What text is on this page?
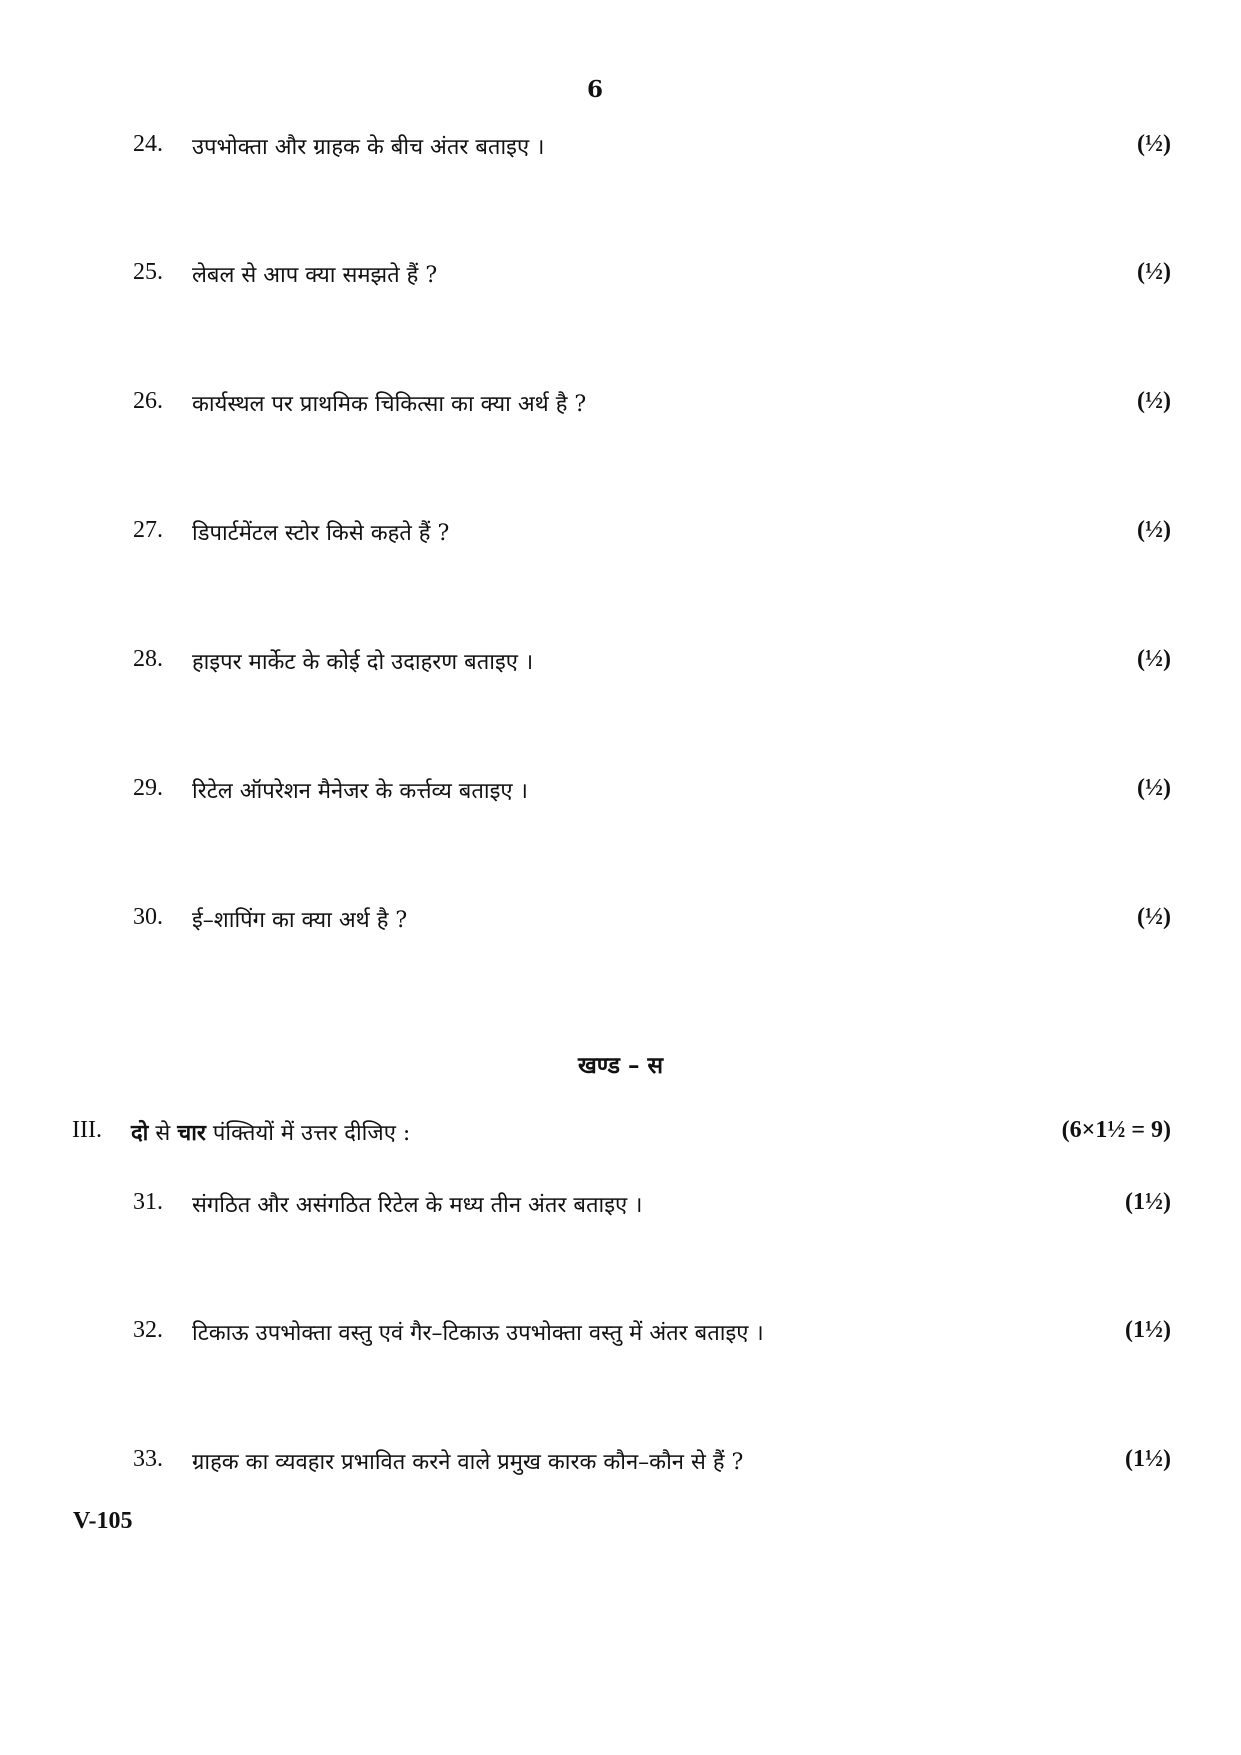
6
24. उपभोक्ता और ग्राहक के बीच अंतर बताइए ।	(½)
25. लेबल से आप क्या समझते हैं ?	(½)
26. कार्यस्थल पर प्राथमिक चिकित्सा का क्या अर्थ है ?	(½)
27. डिपार्टमेंटल स्टोर किसे कहते हैं ?	(½)
28. हाइपर मार्केट के कोई दो उदाहरण बताइए ।	(½)
29. रिटेल ऑपरेशन मैनेजर के कर्त्तव्य बताइए ।	(½)
30. ई–शापिंग का क्या अर्थ है ?	(½)
खण्ड – स
III. दो से चार पंक्तियों में उत्तर दीजिए :	(6×1½ = 9)
31. संगठित और असंगठित रिटेल के मध्य तीन अंतर बताइए ।	(1½)
32. टिकाऊ उपभोक्ता वस्तु एवं गैर–टिकाऊ उपभोक्ता वस्तु में अंतर बताइए ।	(1½)
33. ग्राहक का व्यवहार प्रभावित करने वाले प्रमुख कारक कौन–कौन से हैं ?	(1½)
V-105
